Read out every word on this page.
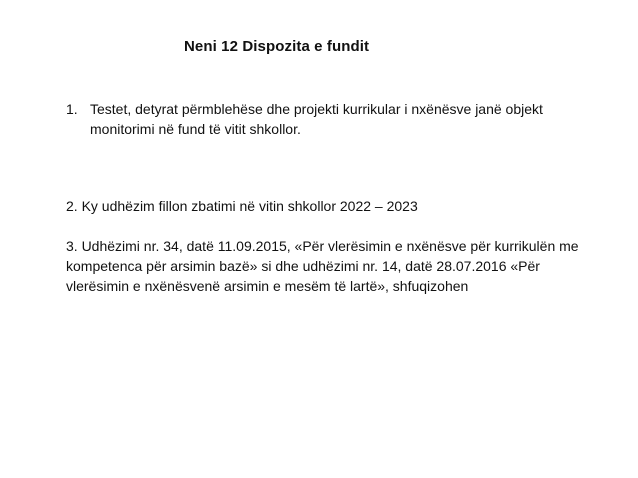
Neni 12 Dispozita e fundit
1. Testet, detyrat përmblehëse dhe projekti kurrikular i nxënësve janë objekt monitorimi në fund të vitit shkollor.
2. Ky udhëzim fillon zbatimi në vitin shkollor 2022 – 2023
3. Udhëzimi nr. 34, datë 11.09.2015, «Për vlerësimin e nxënësve për kurrikulën me kompetenca për arsimin bazë» si dhe udhëzimi nr. 14, datë 28.07.2016 «Për vlerësimin e nxënësvenë arsimin e mesëm të lartë», shfuqizohen
